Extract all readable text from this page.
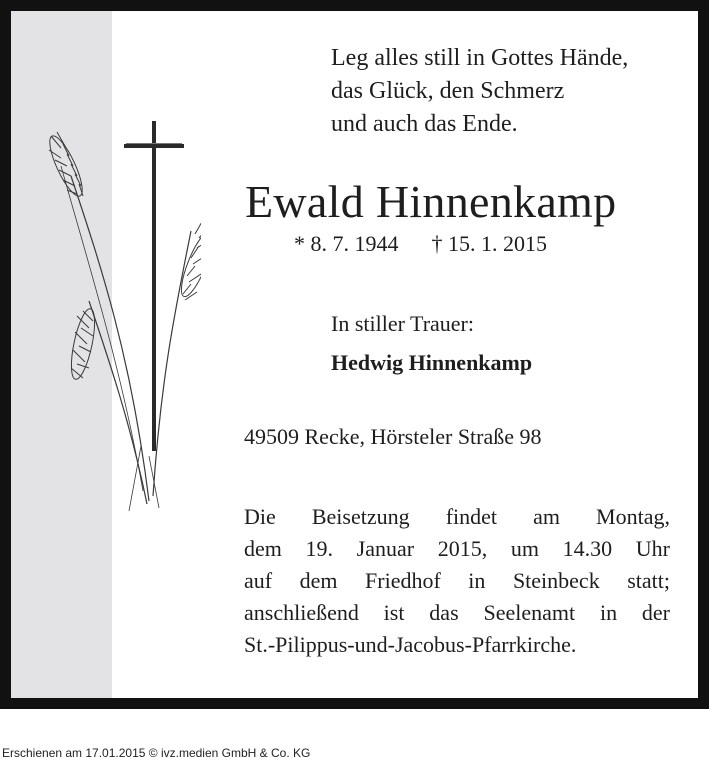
Leg alles still in Gottes Hände,
das Glück, den Schmerz
und auch das Ende.
Ewald Hinnenkamp
* 8. 7. 1944      † 15. 1. 2015
In stiller Trauer:
Hedwig Hinnenkamp
49509 Recke, Hörsteler Straße 98
Die Beisetzung findet am Montag,
dem 19. Januar 2015, um 14.30 Uhr
auf dem Friedhof in Steinbeck statt;
anschließend ist das Seelenamt in der
St.-Pilippus-und-Jacobus-Pfarrkirche.
Erschienen am 17.01.2015 © ivz.medien GmbH & Co. KG
